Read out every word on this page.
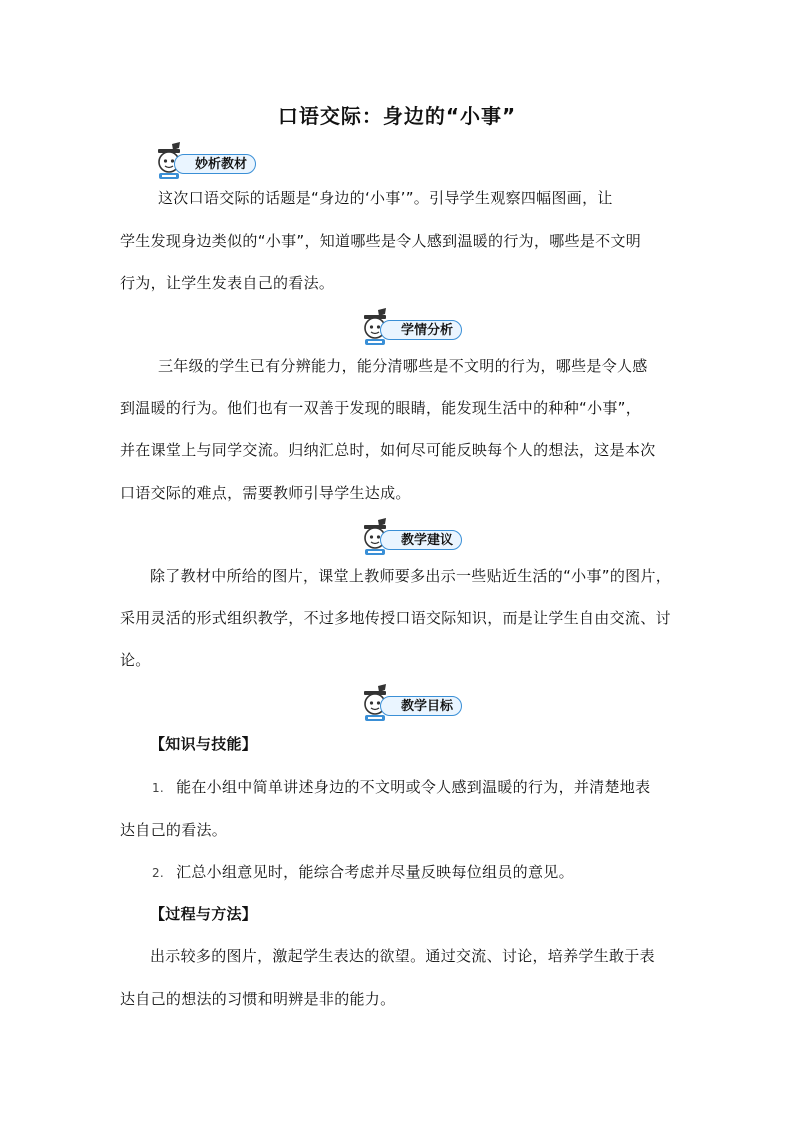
口语交际：身边的“小事”
妙析教材
这次口语交际的话题是“身边的‘小事’”。引导学生观察四幅图画，让
学生发现身边类似的“小事”，知道哪些是令人感到温暖的行为，哪些是不文明
行为，让学生发表自己的看法。
学情分析
三年级的学生已有分辨能力，能分清哪些是不文明的行为，哪些是令人感
到温暖的行为。他们也有一双善于发现的眼睛，能发现生活中的种种“小事”，
并在课堂上与同学交流。归纳汇总时，如何尽可能反映每个人的想法，这是本次
口语交际的难点，需要教师引导学生达成。
教学建议
除了教材中所给的图片，课堂上教师要多出示一些贴近生活的“小事”的图片，
采用灵活的形式组织教学，不过多地传授口语交际知识，而是让学生自由交流、讨
论。
教学目标
【知识与技能】
1. 能在小组中简单讲述身边的不文明或令人感到温暖的行为，并清楚地表
达自己的看法。
2. 汇总小组意见时，能综合考虑并尽量反映每位组员的意见。
【过程与方法】
出示较多的图片，激起学生表达的欲望。通过交流、讨论，培养学生敢于表
达自己的想法的习惯和明辨是非的能力。
